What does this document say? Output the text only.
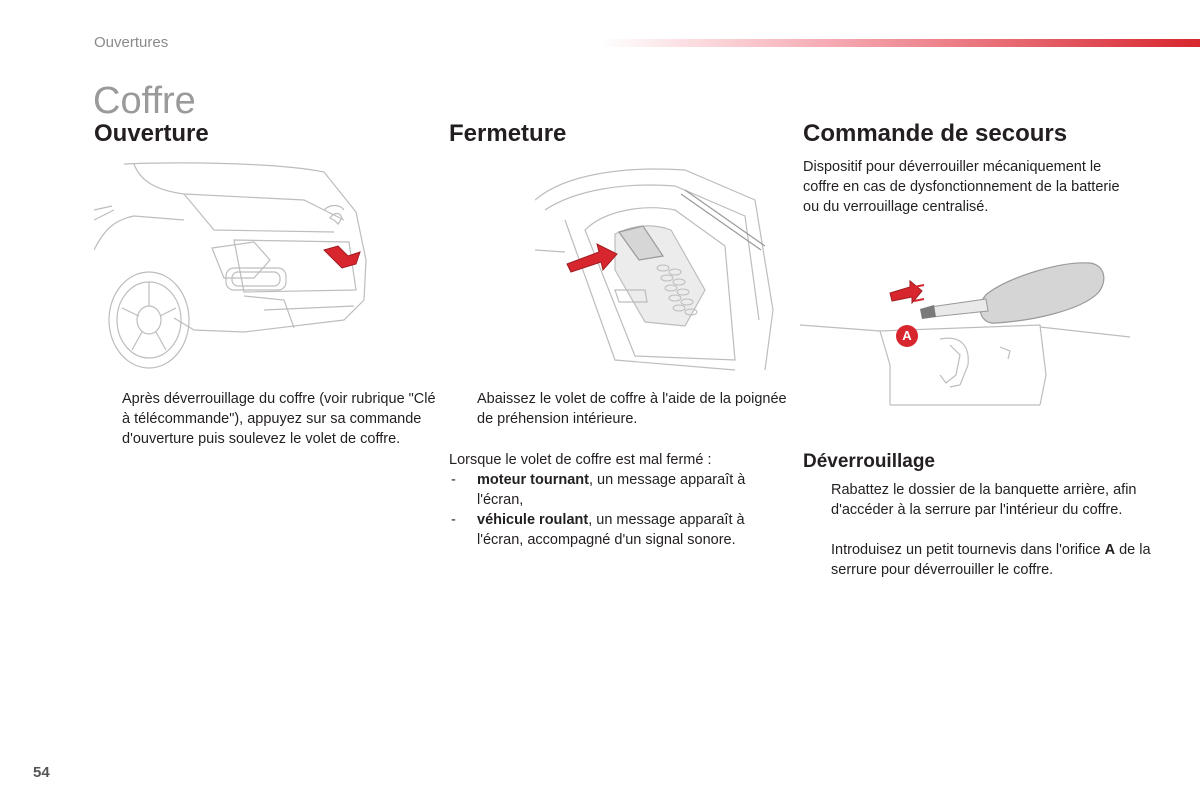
Ouvertures
Coffre
Ouverture
Après déverrouillage du coffre (voir rubrique "Clé à télécommande"), appuyez sur sa commande d'ouverture puis soulevez le volet de coffre.
Fermeture
Abaissez le volet de coffre à l'aide de la poignée de préhension intérieure.
Lorsque le volet de coffre est mal fermé :
- moteur tournant, un message apparaît à l'écran,
- véhicule roulant, un message apparaît à l'écran, accompagné d'un signal sonore.
Commande de secours
Dispositif pour déverrouiller mécaniquement le coffre en cas de dysfonctionnement de la batterie ou du verrouillage centralisé.
A
Déverrouillage
Rabattez le dossier de la banquette arrière, afin d'accéder à la serrure par l'intérieur du coffre.
Introduisez un petit tournevis dans l'orifice A de la serrure pour déverrouiller le coffre.
54
